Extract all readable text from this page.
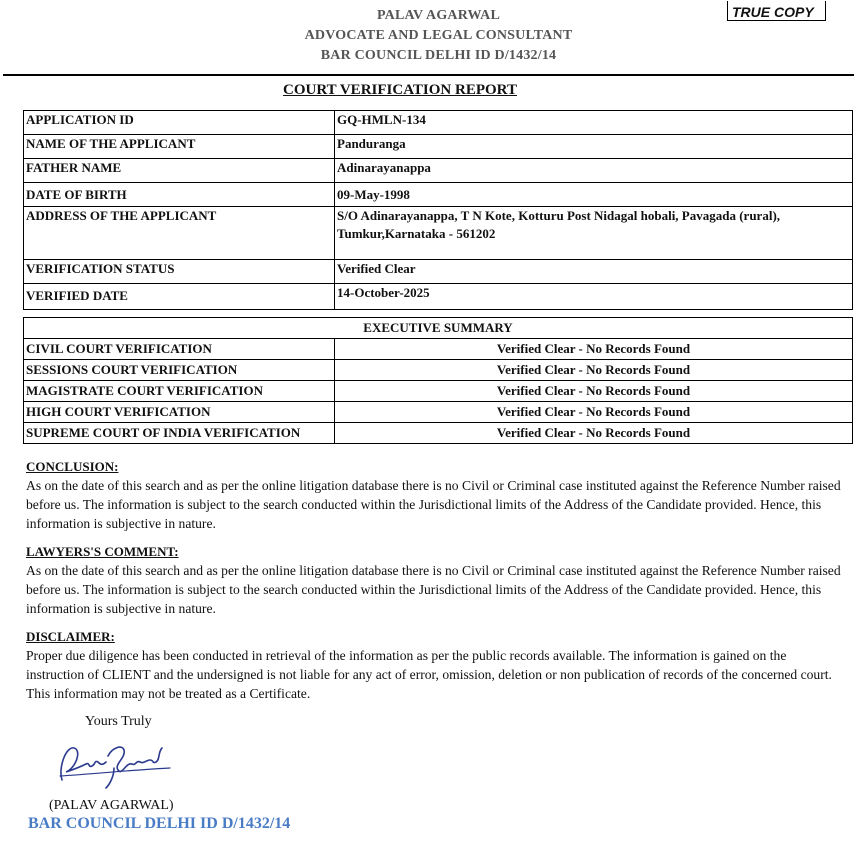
PALAV AGARWAL
ADVOCATE AND LEGAL CONSULTANT
BAR COUNCIL DELHI ID D/1432/14
TRUE COPY
COURT VERIFICATION REPORT
APPLICATION ID	GQ-HMLN-134
NAME OF THE APPLICANT	Panduranga
FATHER NAME	Adinarayanappa
DATE OF BIRTH	09-May-1998
ADDRESS OF THE APPLICANT	S/O Adinarayanappa, T N Kote, Kotturu Post Nidagal hobali, Pavagada (rural),
Tumkur,Karnataka - 561202

VERIFICATION STATUS	Verified Clear
VERIFIED DATE	14-October-2025
EXECUTIVE SUMMARY	
CIVIL COURT VERIFICATION	Verified Clear - No Records Found
SESSIONS COURT VERIFICATION	Verified Clear - No Records Found
MAGISTRATE COURT VERIFICATION	Verified Clear - No Records Found
HIGH COURT VERIFICATION	Verified Clear - No Records Found
SUPREME COURT OF INDIA VERIFICATION	Verified Clear - No Records Found
CONCLUSION:
As on the date of this search and as per the online litigation database there is no Civil or Criminal case instituted against the Reference Number raised before us. The information is subject to the search conducted within the Jurisdictional limits of the Address of the Candidate provided. Hence, this information is subjective in nature.
LAWYERS'S COMMENT:
As on the date of this search and as per the online litigation database there is no Civil or Criminal case instituted against the Reference Number raised before us. The information is subject to the search conducted within the Jurisdictional limits of the Address of the Candidate provided. Hence, this information is subjective in nature.
DISCLAIMER:
Proper due diligence has been conducted in retrieval of the information as per the public records available. The information is gained on the instruction of CLIENT and the undersigned is not liable for any act of error, omission, deletion or non publication of records of the concerned court. This information may not be treated as a Certificate.
Yours Truly
(PALAV AGARWAL)
BAR COUNCIL DELHI ID D/1432/14
